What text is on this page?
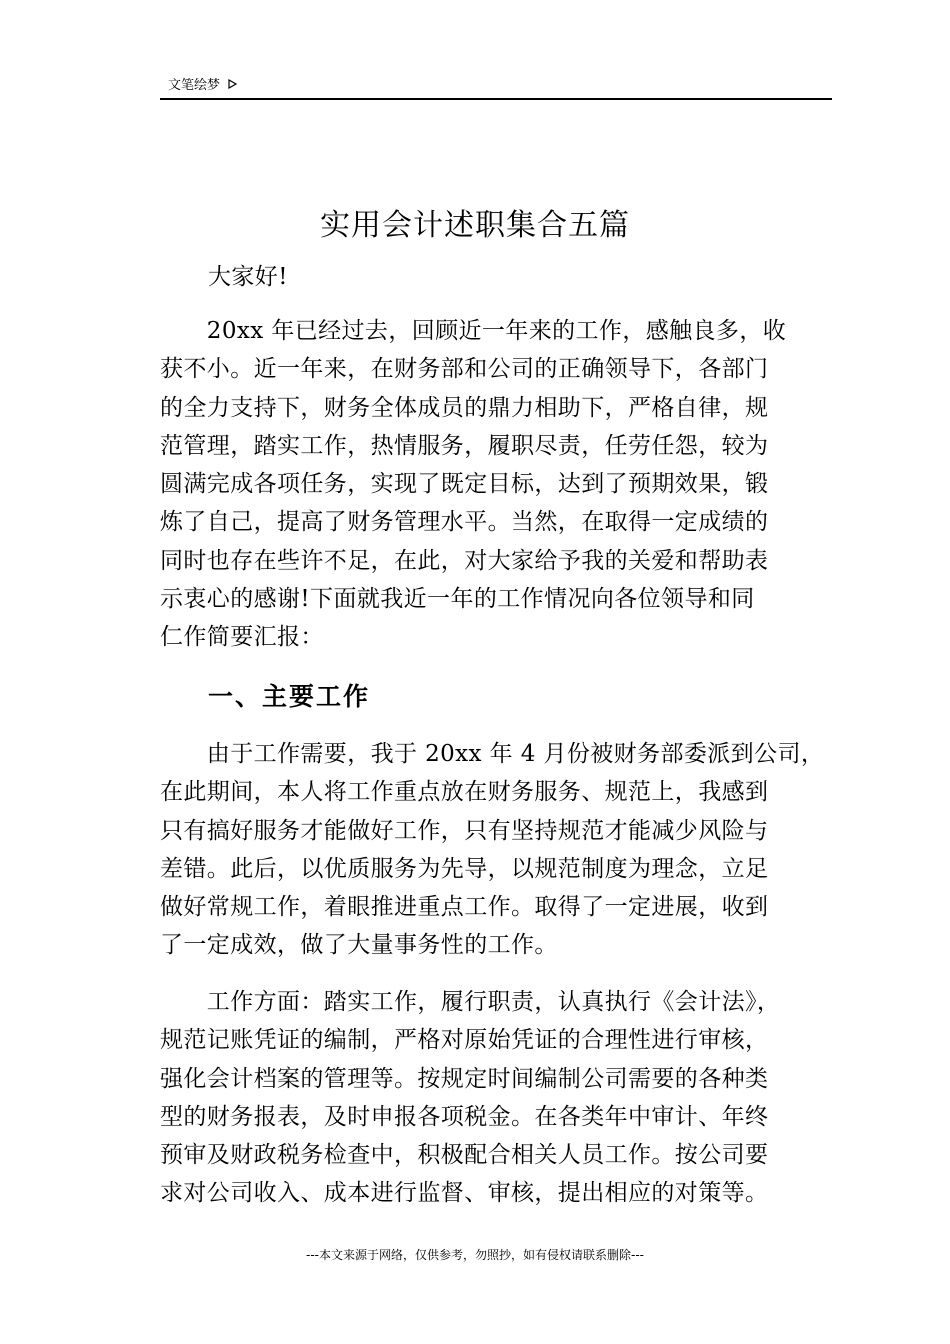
文笔绘梦
实用会计述职集合五篇
大家好!
　　20xx 年已经过去，回顾近一年来的工作，感触良多，收
获不小。近一年来，在财务部和公司的正确领导下，各部门
的全力支持下，财务全体成员的鼎力相助下，严格自律，规
范管理，踏实工作，热情服务，履职尽责，任劳任怨，较为
圆满完成各项任务，实现了既定目标，达到了预期效果，锻
炼了自己，提高了财务管理水平。当然，在取得一定成绩的
同时也存在些许不足，在此，对大家给予我的关爱和帮助表
示衷心的感谢!下面就我近一年的工作情况向各位领导和同
仁作简要汇报：
一、主要工作
　　由于工作需要，我于 20xx 年 4 月份被财务部委派到公司，
在此期间，本人将工作重点放在财务服务、规范上，我感到
只有搞好服务才能做好工作，只有坚持规范才能减少风险与
差错。此后，以优质服务为先导，以规范制度为理念，立足
做好常规工作，着眼推进重点工作。取得了一定进展，收到
了一定成效，做了大量事务性的工作。
　　工作方面：踏实工作，履行职责，认真执行《会计法》，
规范记账凭证的编制，严格对原始凭证的合理性进行审核，
强化会计档案的管理等。按规定时间编制公司需要的各种类
型的财务报表，及时申报各项税金。在各类年中审计、年终
预审及财政税务检查中，积极配合相关人员工作。按公司要
求对公司收入、成本进行监督、审核，提出相应的对策等。
---本文来源于网络，仅供参考，勿照抄，如有侵权请联系删除---
